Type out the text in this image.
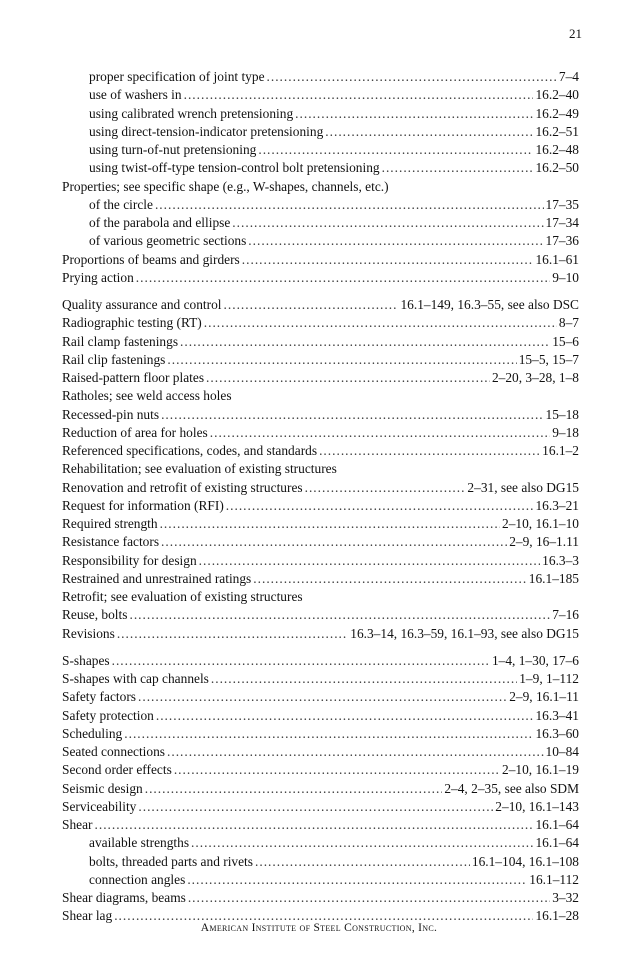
21
proper specification of joint type .....	7–4
use of washers in .....	16.2–40
using calibrated wrench pretensioning .....	16.2–49
using direct-tension-indicator pretensioning .....	16.2–51
using turn-of-nut pretensioning .....	16.2–48
using twist-off-type tension-control bolt pretensioning .....	16.2–50
Properties; see specific shape (e.g., W-shapes, channels, etc.)
of the circle .....	17–35
of the parabola and ellipse .....	17–34
of various geometric sections .....	17–36
Proportions of beams and girders .....	16.1–61
Prying action .....	9–10
Quality assurance and control .....	16.1–149, 16.3–55, see also DSC
Radiographic testing (RT) .....	8–7
Rail clamp fastenings .....	15–6
Rail clip fastenings .....	15–5, 15–7
Raised-pattern floor plates .....	2–20, 3–28, 1–8
Ratholes; see weld access holes
Recessed-pin nuts .....	15–18
Reduction of area for holes .....	9–18
Referenced specifications, codes, and standards .....	16.1–2
Rehabilitation; see evaluation of existing structures
Renovation and retrofit of existing structures .....	2–31, see also DG15
Request for information (RFI) .....	16.3–21
Required strength .....	2–10, 16.1–10
Resistance factors .....	2–9, 16–1.11
Responsibility for design .....	16.3–3
Restrained and unrestrained ratings .....	16.1–185
Retrofit; see evaluation of existing structures
Reuse, bolts .....	7–16
Revisions .....	16.3–14, 16.3–59, 16.1–93, see also DG15
S-shapes .....	1–4, 1–30, 17–6
S-shapes with cap channels .....	1–9, 1–112
Safety factors .....	2–9, 16.1–11
Safety protection .....	16.3–41
Scheduling .....	16.3–60
Seated connections .....	10–84
Second order effects .....	2–10, 16.1–19
Seismic design .....	2–4, 2–35, see also SDM
Serviceability .....	2–10, 16.1–143
Shear .....	16.1–64
available strengths .....	16.1–64
bolts, threaded parts and rivets .....	16.1–104, 16.1–108
connection angles .....	16.1–112
Shear diagrams, beams .....	3–32
Shear lag .....	16.1–28
American Institute of Steel Construction, Inc.
